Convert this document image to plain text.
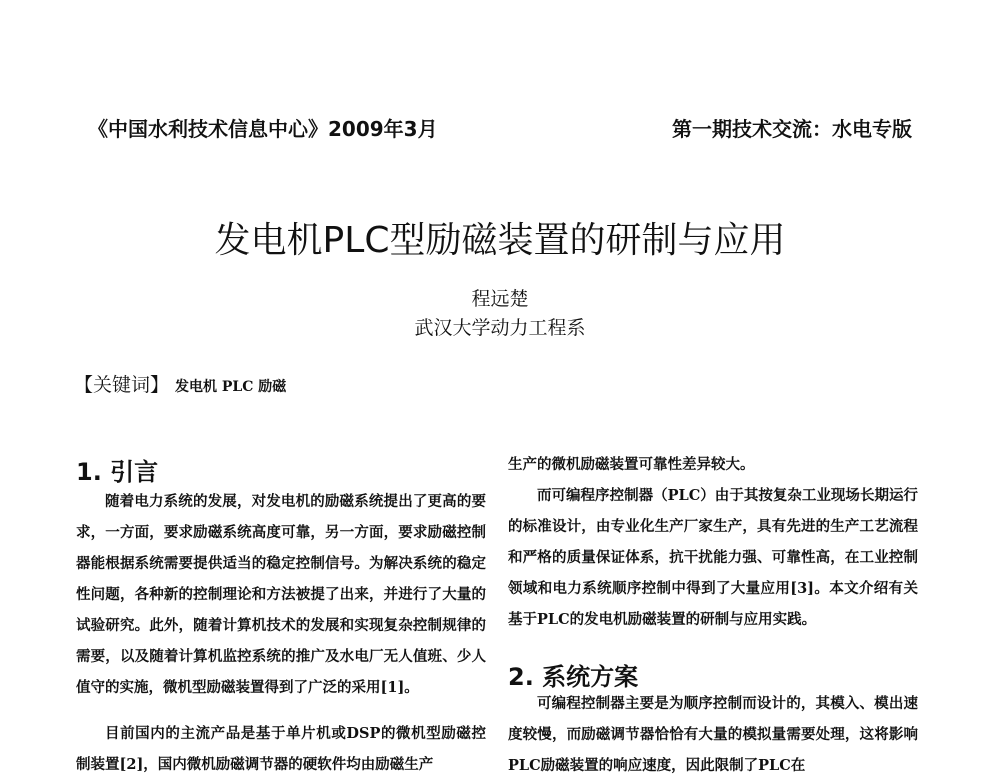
《中国水利技术信息中心》2009年3月	第一期技术交流：水电专版
发电机PLC型励磁装置的研制与应用
程远楚
武汉大学动力工程系
【关键词】 发电机 PLC 励磁
1. 引言

随着电力系统的发展，对发电机的励磁系统提出了更高的要求，一方面，要求励磁系统高度可靠，另一方面，要求励磁控制器能根据系统需要提供适当的稳定控制信号。为解决系统的稳定性问题，各种新的控制理论和方法被提了出来，并进行了大量的试验研究。此外，随着计算机技术的发展和实现复杂控制规律的需要，以及随着计算机监控系统的推广及水电厂无人值班、少人值守的实施，微机型励磁装置得到了广泛的采用[1]。

目前国内的主流产品是基于单片机或DSP的微机型励磁控制装置[2]，国内微机励磁调节器的硬软件均由励磁生产

生产的微机励磁装置可靠性差异较大。

而可编程序控制器（PLC）由于其按复杂工业现场长期运行的标准设计，由专业化生产厂家生产，具有先进的生产工艺流程和严格的质量保证体系，抗干扰能力强、可靠性高，在工业控制领域和电力系统顺序控制中得到了大量应用[3]。本文介绍有关基于PLC的发电机励磁装置的研制与应用实践。

2. 系统方案

可编程控制器主要是为顺序控制而设计的，其模入、模出速度较慢，而励磁调节器恰恰有大量的模拟量需要处理，这将影响PLC励磁装置的响应速度，因此限制了PLC在
